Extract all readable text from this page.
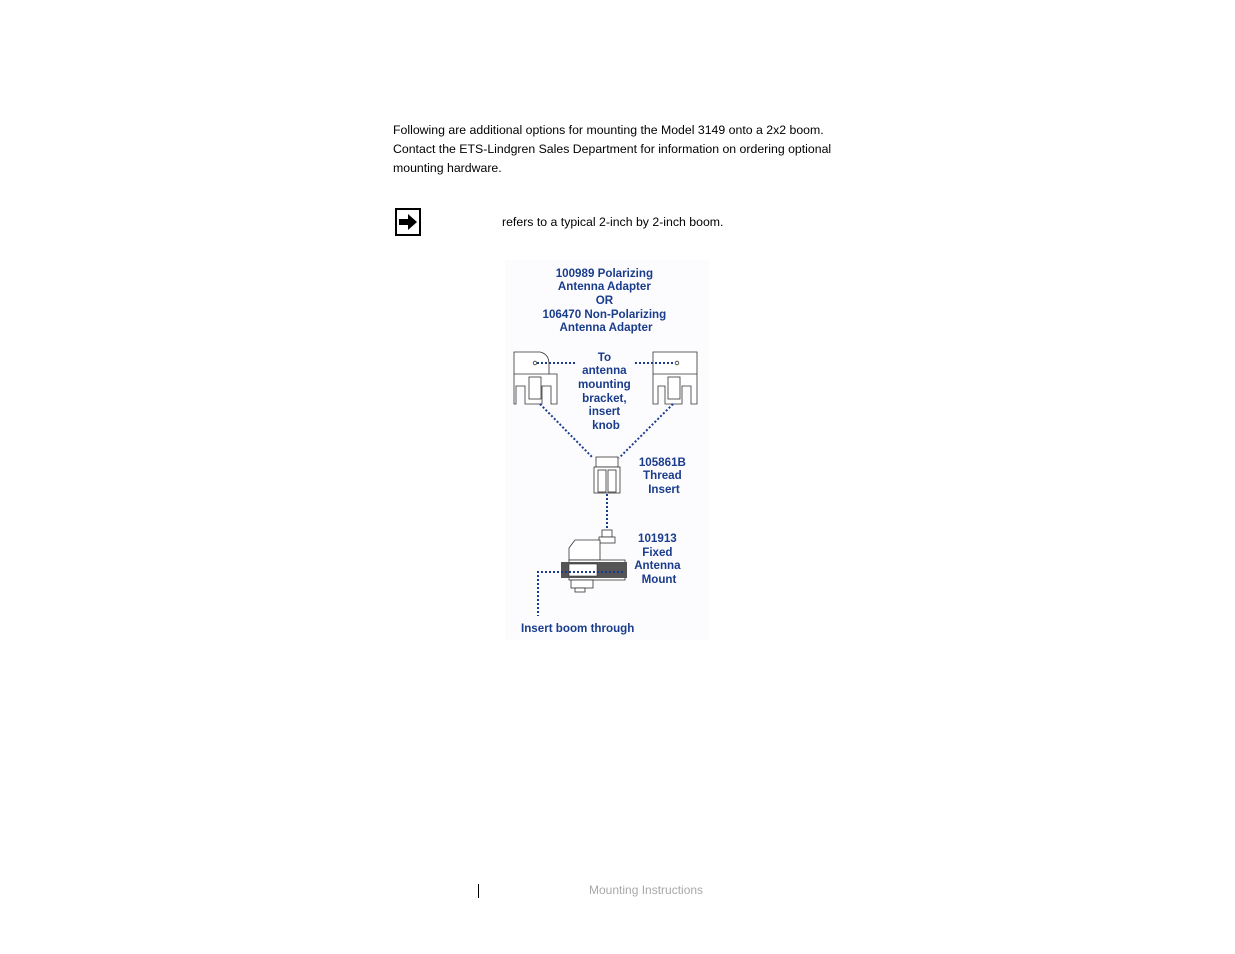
Following are additional options for mounting the Model 3149 onto a 2x2 boom.
Contact the ETS-Lindgren Sales Department for information on ordering optional
mounting hardware.
refers to a typical 2-inch by 2-inch boom.
100989 Polarizing Antenna Adapter OR 106470 Non-Polarizing Antenna Adapter
To antenna mounting bracket, insert knob
105861B Thread Insert
101913 Fixed Antenna Mount
Insert boom through
Mounting Instructions
